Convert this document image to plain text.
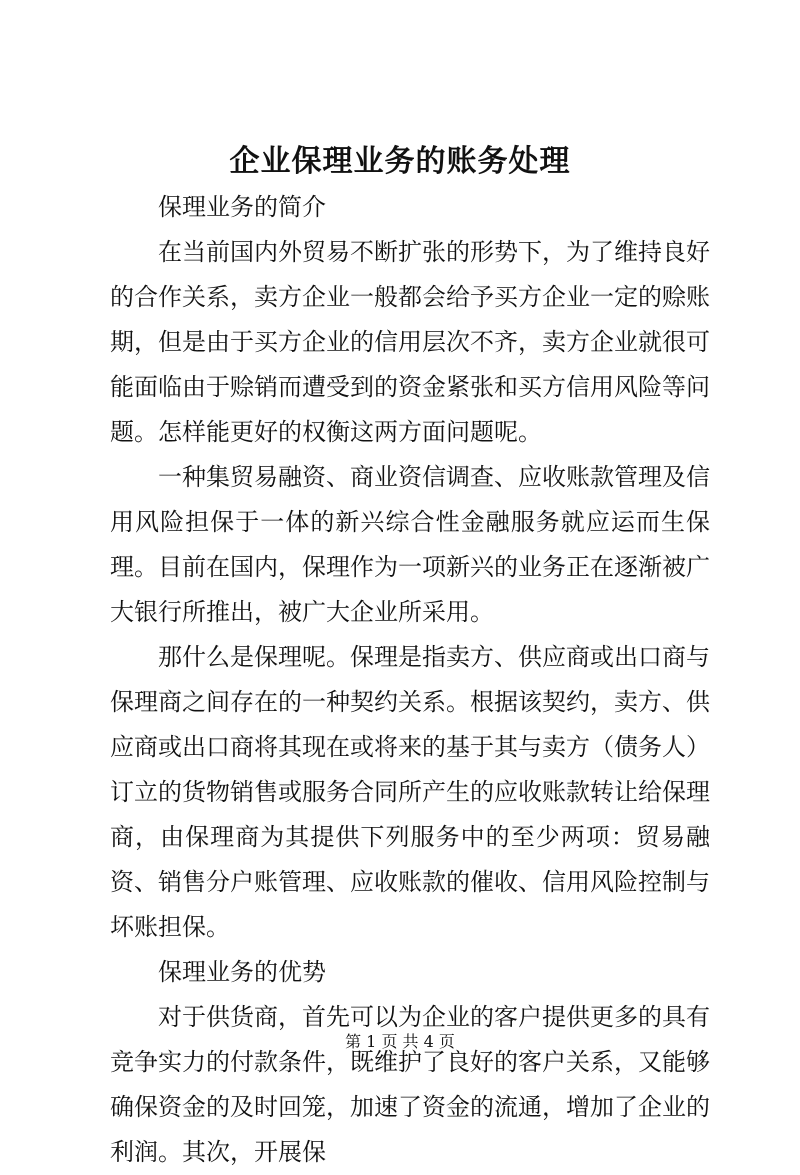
企业保理业务的账务处理

保理业务的简介

在当前国内外贸易不断扩张的形势下，为了维持良好的合作关系，卖方企业一般都会给予买方企业一定的赊账期，但是由于买方企业的信用层次不齐，卖方企业就很可能面临由于赊销而遭受到的资金紧张和买方信用风险等问题。怎样能更好的权衡这两方面问题呢。

一种集贸易融资、商业资信调查、应收账款管理及信用风险担保于一体的新兴综合性金融服务就应运而生保理。目前在国内，保理作为一项新兴的业务正在逐渐被广大银行所推出，被广大企业所采用。

那什么是保理呢。保理是指卖方、供应商或出口商与保理商之间存在的一种契约关系。根据该契约，卖方、供应商或出口商将其现在或将来的基于其与卖方（债务人）订立的货物销售或服务合同所产生的应收账款转让给保理商，由保理商为其提供下列服务中的至少两项：贸易融资、销售分户账管理、应收账款的催收、信用风险控制与坏账担保。

保理业务的优势

对于供货商，首先可以为企业的客户提供更多的具有竞争实力的付款条件，既维护了良好的客户关系，又能够确保资金的及时回笼，加速了资金的流通，增加了企业的利润。其次，开展保

第 1 页 共 4 页
